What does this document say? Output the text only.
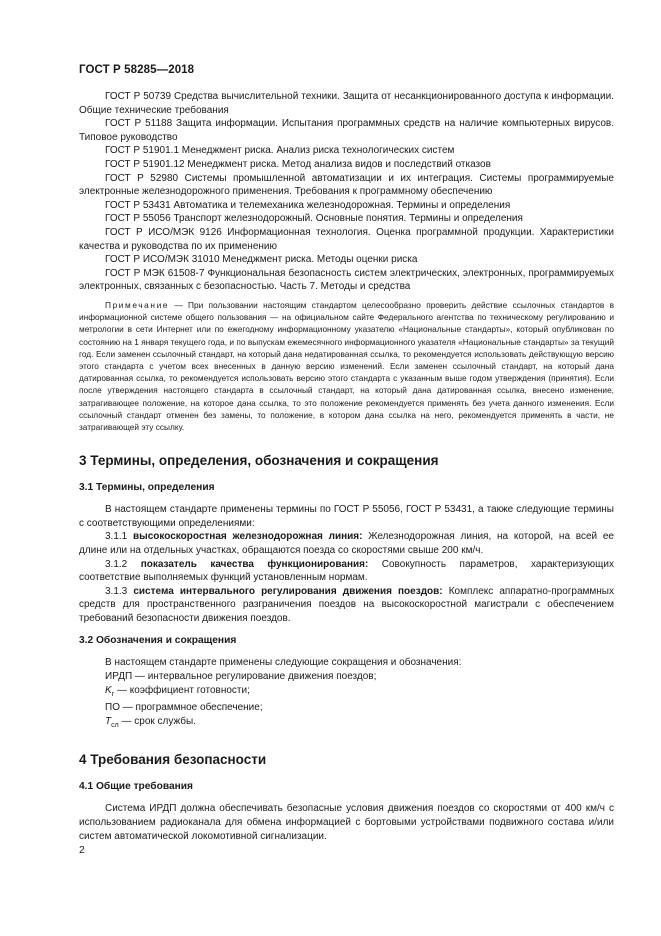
ГОСТ Р 58285—2018

ГОСТ Р 50739 Средства вычислительной техники. Защита от несанкционированного доступа к информации. Общие технические требования

ГОСТ Р 51188 Защита информации. Испытания программных средств на наличие компьютерных вирусов. Типовое руководство

ГОСТ Р 51901.1 Менеджмент риска. Анализ риска технологических систем

ГОСТ Р 51901.12 Менеджмент риска. Метод анализа видов и последствий отказов

ГОСТ Р 52980 Системы промышленной автоматизации и их интеграция. Системы программируемые электронные железнодорожного применения. Требования к программному обеспечению

ГОСТ Р 53431 Автоматика и телемеханика железнодорожная. Термины и определения

ГОСТ Р 55056 Транспорт железнодорожный. Основные понятия. Термины и определения

ГОСТ Р ИСО/МЭК 9126 Информационная технология. Оценка программной продукции. Характеристики качества и руководства по их применению

ГОСТ Р ИСО/МЭК 31010 Менеджмент риска. Методы оценки риска

ГОСТ Р МЭК 61508-7 Функциональная безопасность систем электрических, электронных, программируемых электронных, связанных с безопасностью. Часть 7. Методы и средства

Примечание — При пользовании настоящим стандартом целесообразно проверить действие ссылочных стандартов в информационной системе общего пользования — на официальном сайте Федерального агентства по техническому регулированию и метрологии в сети Интернет или по ежегодному информационному указателю «Национальные стандарты», который опубликован по состоянию на 1 января текущего года, и по выпускам ежемесячного информационного указателя «Национальные стандарты» за текущий год. Если заменен ссылочный стандарт, на который дана недатированная ссылка, то рекомендуется использовать действующую версию этого стандарта с учетом всех внесенных в данную версию изменений. Если заменен ссылочный стандарт, на который дана датированная ссылка, то рекомендуется использовать версию этого стандарта с указанным выше годом утверждения (принятия). Если после утверждения настоящего стандарта в ссылочный стандарт, на который дана датированная ссылка, внесено изменение, затрагивающее положение, на которое дана ссылка, то это положение рекомендуется применять без учета данного изменения. Если ссылочный стандарт отменен без замены, то положение, в котором дана ссылка на него, рекомендуется применять в части, не затрагивающей эту ссылку.

3 Термины, определения, обозначения и сокращения
3.1 Термины, определения

В настоящем стандарте применены термины по ГОСТ Р 55056, ГОСТ Р 53431, а также следующие термины с соответствующими определениями:

3.1.1 высокоскоростная железнодорожная линия: Железнодорожная линия, на которой, на всей ее длине или на отдельных участках, обращаются поезда со скоростями свыше 200 км/ч.

3.1.2 показатель качества функционирования: Совокупность параметров, характеризующих соответствие выполняемых функций установленным нормам.

3.1.3 система интервального регулирования движения поездов: Комплекс аппаратно-программных средств для пространственного разграничения поездов на высокоскоростной магистрали с обеспечением требований безопасности движения поездов.

3.2 Обозначения и сокращения

В настоящем стандарте применены следующие сокращения и обозначения:

ИРДП — интервальное регулирование движения поездов;

$K_г$ — коэффициент готовности;

ПО — программное обеспечение;

$T_{сл}$ — срок службы.

4 Требования безопасности
4.1 Общие требования

Система ИРДП должна обеспечивать безопасные условия движения поездов со скоростями от 400 км/ч с использованием радиоканала для обмена информацией с бортовыми устройствами подвижного состава и/или систем автоматической локомотивной сигнализации.

2
